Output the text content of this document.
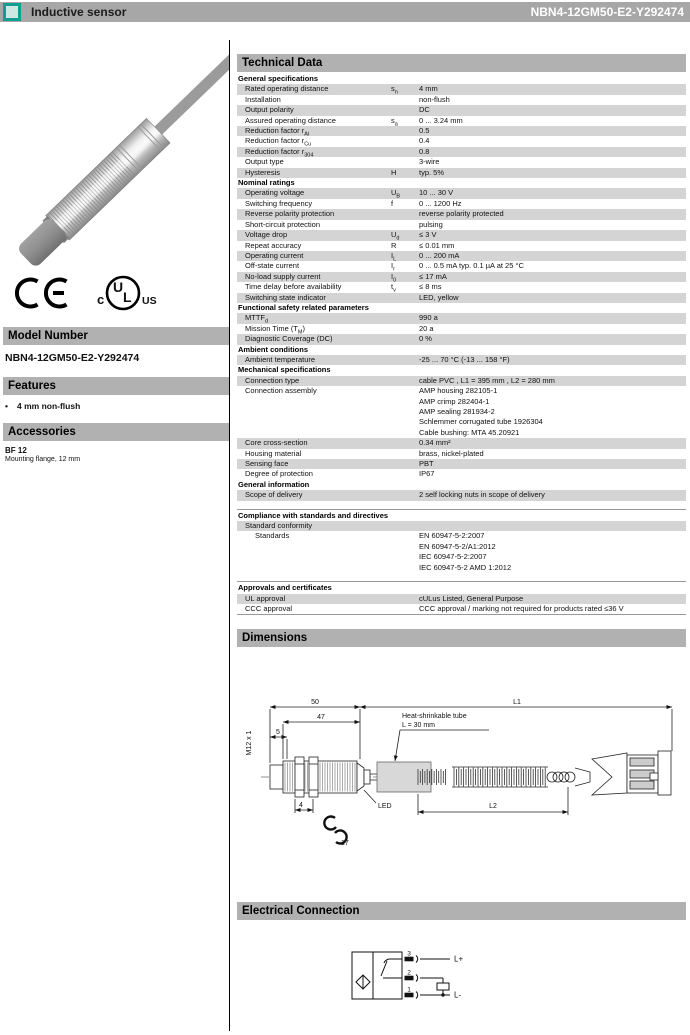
Inductive sensor	NBN4-12GM50-E2-Y292474
U
L
c	US
Model Number
NBN4-12GM50-E2-Y292474
Features
• 4 mm non-flush
Accessories
BF 12
Mounting flange, 12 mm
Technical Data
General specifications
Rated operating distance	$s_n$	4 mm
Installation	non-flush
Output polarity	DC
Assured operating distance	$s_a$	0 ... 3.24 mm
Reduction factor $r_{Al}$	0.5
Reduction factor $r_{Cu}$	0.4
Reduction factor $r_{304}$	0.8
Output type	3-wire
Hysteresis	H	typ. 5%
Nominal ratings
Operating voltage	$U_B$	10 ... 30 V
Switching frequency	f	0 ... 1200 Hz
Reverse polarity protection	reverse polarity protected
Short-circuit protection	pulsing
Voltage drop	$U_d$	≤ 3 V
Repeat accuracy	R	≤ 0.01 mm
Operating current	$I_L$	0 ... 200 mA
Off-state current	$I_r$	0 ... 0.5 mA typ. 0.1 µA at 25 °C
No-load supply current	$I_0$	≤ 17 mA
Time delay before availability	$t_v$	≤ 8 ms
Switching state indicator	LED, yellow
Functional safety related parameters
$MTTF_d$	990 a
Mission Time $(T_M)$	20 a
Diagnostic Coverage (DC)	0 %
Ambient conditions
Ambient temperature	-25 ... 70 °C (-13 ... 158 °F)
Mechanical specifications
Connection type	cable PVC , L1 = 395 mm , L2 = 280 mm
Connection assembly	AMP housing 282105-1
AMP crimp 282404-1
AMP sealing 281934-2
Schlemmer corrugated tube 1926304
Cable bushing: MTA 45.20921
Core cross-section	0.34 mm²
Housing material	brass, nickel-plated
Sensing face	PBT
Degree of protection	IP67
General information
Scope of delivery	2 self locking nuts in scope of delivery
Compliance with standards and directives
Standard conformity
Standards	EN 60947-5-2:2007
EN 60947-5-2/A1:2012
IEC 60947-5-2:2007
IEC 60947-5-2 AMD 1:2012
Approvals and certificates
UL approval	cULus Listed, General Purpose
CCC approval	CCC approval / marking not required for products rated ≤36 V
Dimensions
50	L1
47
5
M12 x 1
4	L2
LED
17
Heat-shrinkable tube
L = 30 mm
Electrical Connection
3
2
1
L+
L-
